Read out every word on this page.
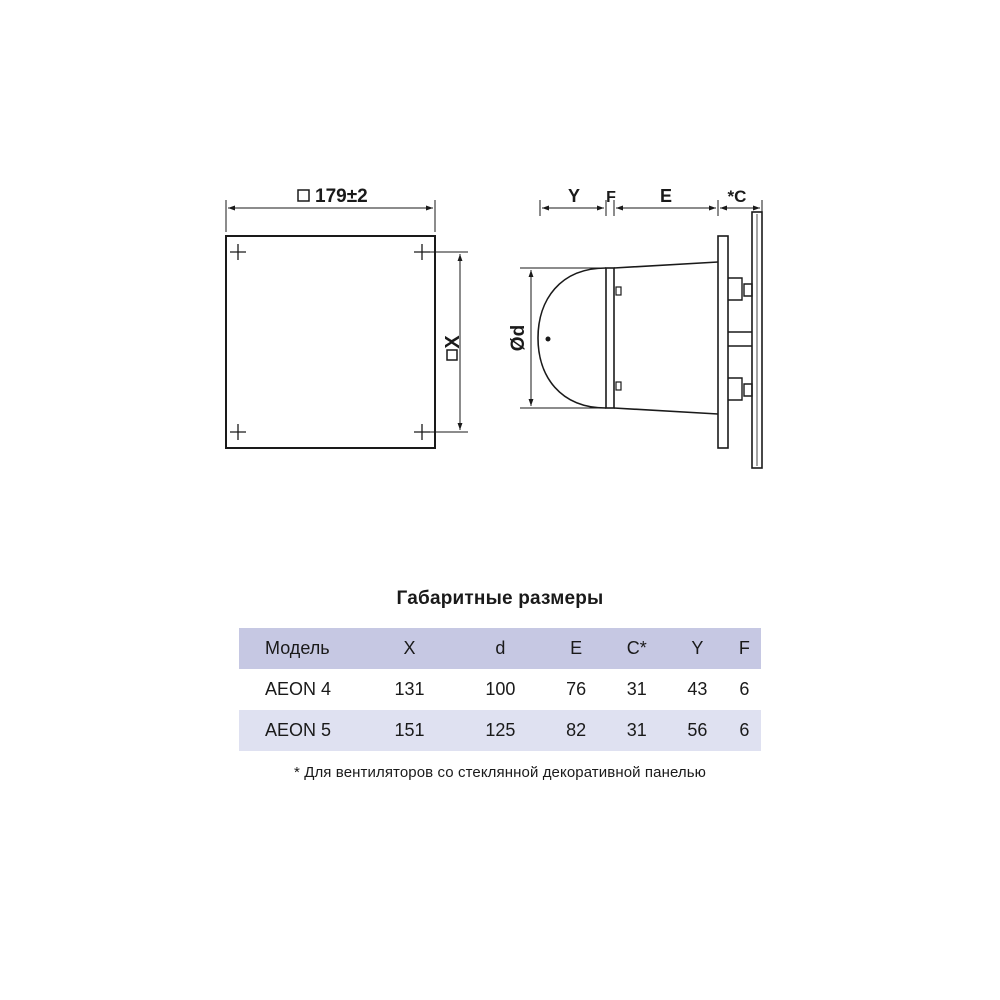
179±2
X
Y F E	*C
Ød
Габаритные размеры
Модель	X	d	E	C*	Y	F
AEON 4	131	100	76	31	43	6
AEON 5	151	125	82	31	56	6
* Для вентиляторов со стеклянной декоративной панелью
